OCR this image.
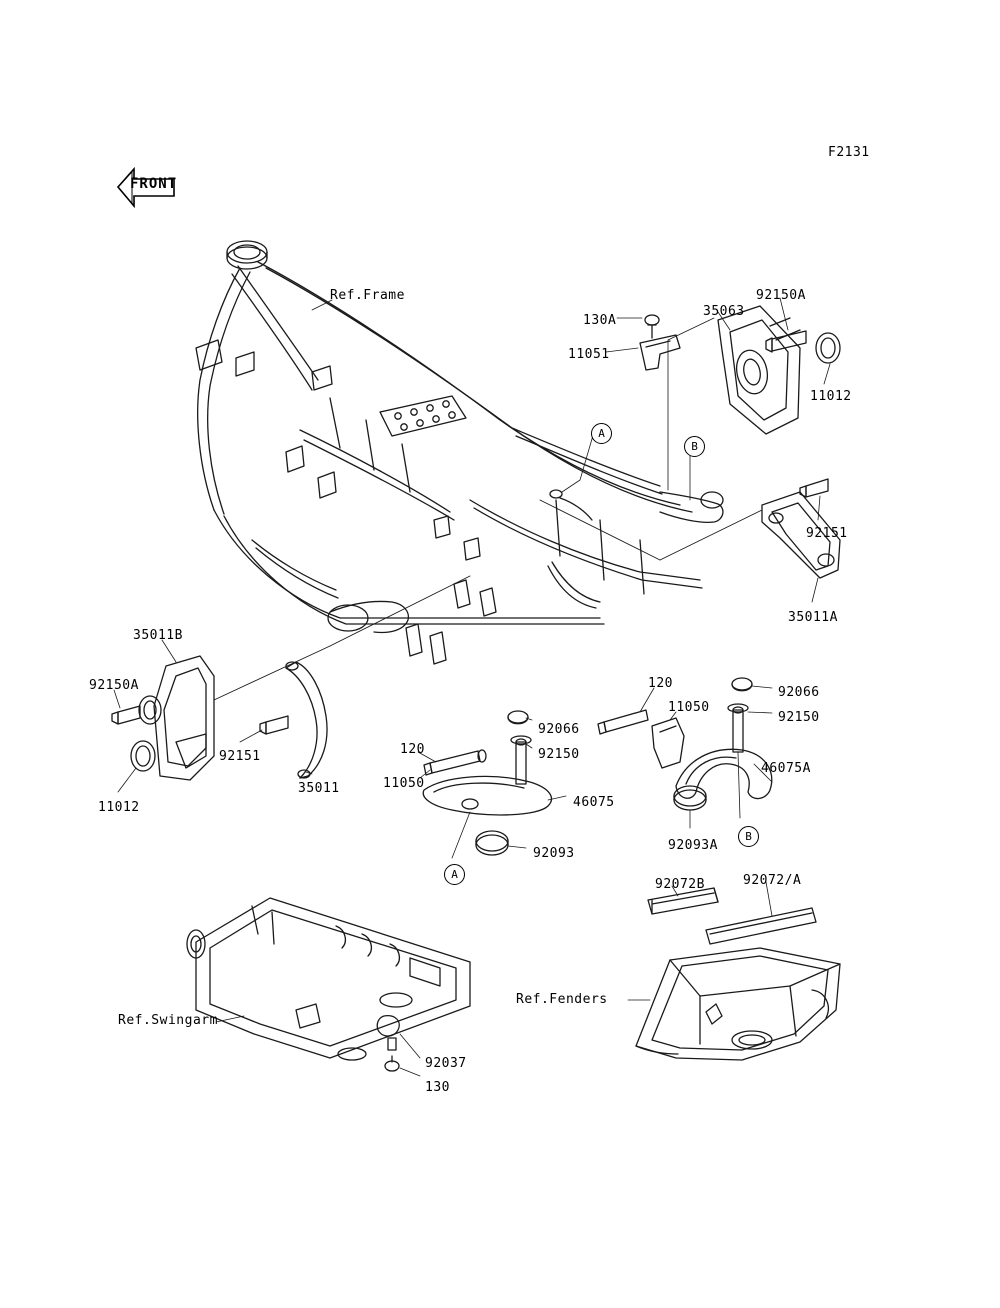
F2131
FRONT
Ref.Frame
Ref.Swingarm
Ref.Fenders
130A
35063
92150A
11051
11012
92151
35011A
35011B
92150A
92151
35011
11012
120
92066
11050
92150
46075A
92093A
92066
120	92150
11050
46075
92093
92072B	92072/A
92037
130
A
B
B
A
